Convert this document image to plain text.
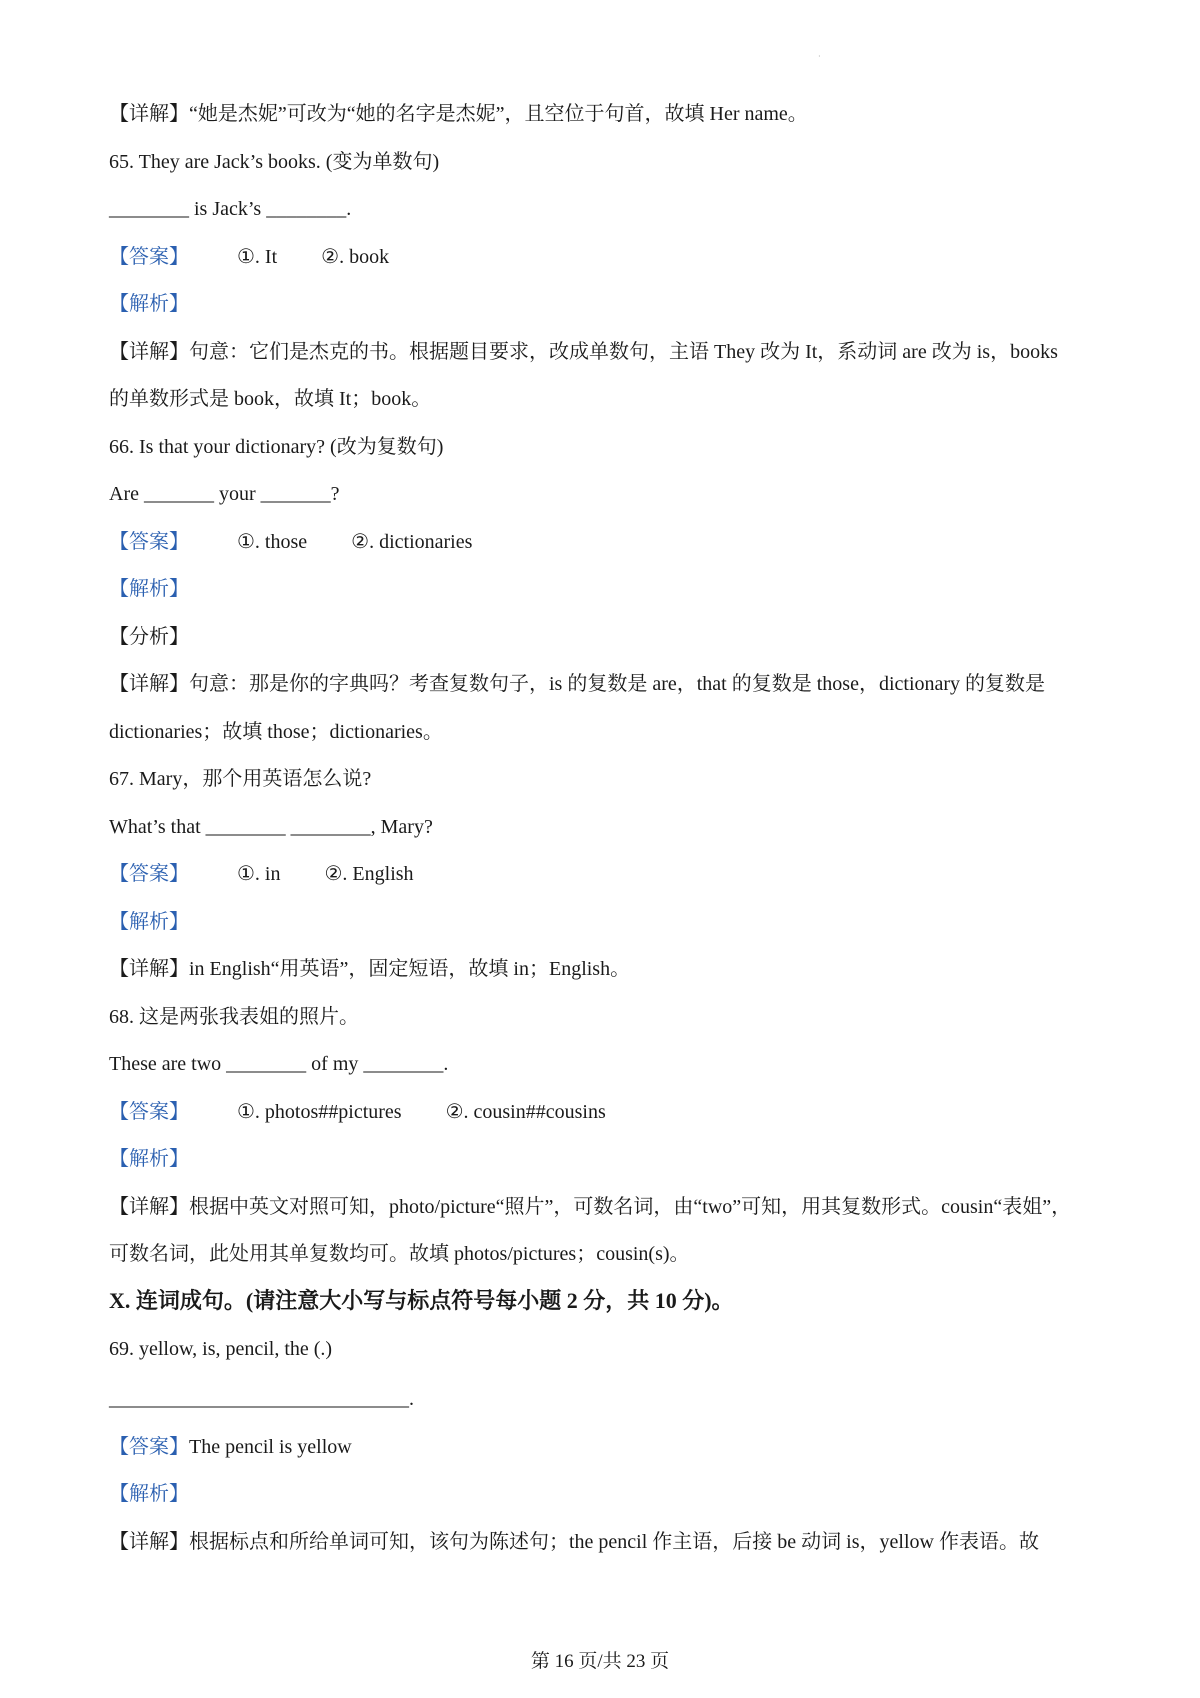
·
【详解】“她是杰妮”可改为“她的名字是杰妮”，且空位于句首，故填 Her name。
65. They are Jack’s books. (变为单数句)
________ is Jack’s ________.
【答案】 ①. It ②. book
【解析】
【详解】句意：它们是杰克的书。根据题目要求，改成单数句，主语 They 改为 It，系动词 are 改为 is，books
的单数形式是 book，故填 It；book。
66. Is that your dictionary? (改为复数句)
Are _______ your _______?
【答案】 ①. those ②. dictionaries
【解析】
【分析】
【详解】句意：那是你的字典吗？考查复数句子，is 的复数是 are，that 的复数是 those，dictionary 的复数是
dictionaries；故填 those；dictionaries。
67. Mary，那个用英语怎么说?
What’s that ________ ________, Mary?
【答案】 ①. in ②. English
【解析】
【详解】in English“用英语”，固定短语，故填 in；English。
68. 这是两张我表姐的照片。
These are two ________ of my ________.
【答案】 ①. photos##pictures ②. cousin##cousins
【解析】
【详解】根据中英文对照可知，photo/picture“照片”，可数名词，由“two”可知，用其复数形式。cousin“表姐”，
可数名词，此处用其单复数均可。故填 photos/pictures；cousin(s)。
X. 连词成句。(请注意大小写与标点符号每小题 2 分，共 10 分)。
69. yellow, is, pencil, the (.)
______________________________.
【答案】The pencil is yellow
【解析】
【详解】根据标点和所给单词可知，该句为陈述句；the pencil 作主语，后接 be 动词 is，yellow 作表语。故
第 16 页/共 23 页
